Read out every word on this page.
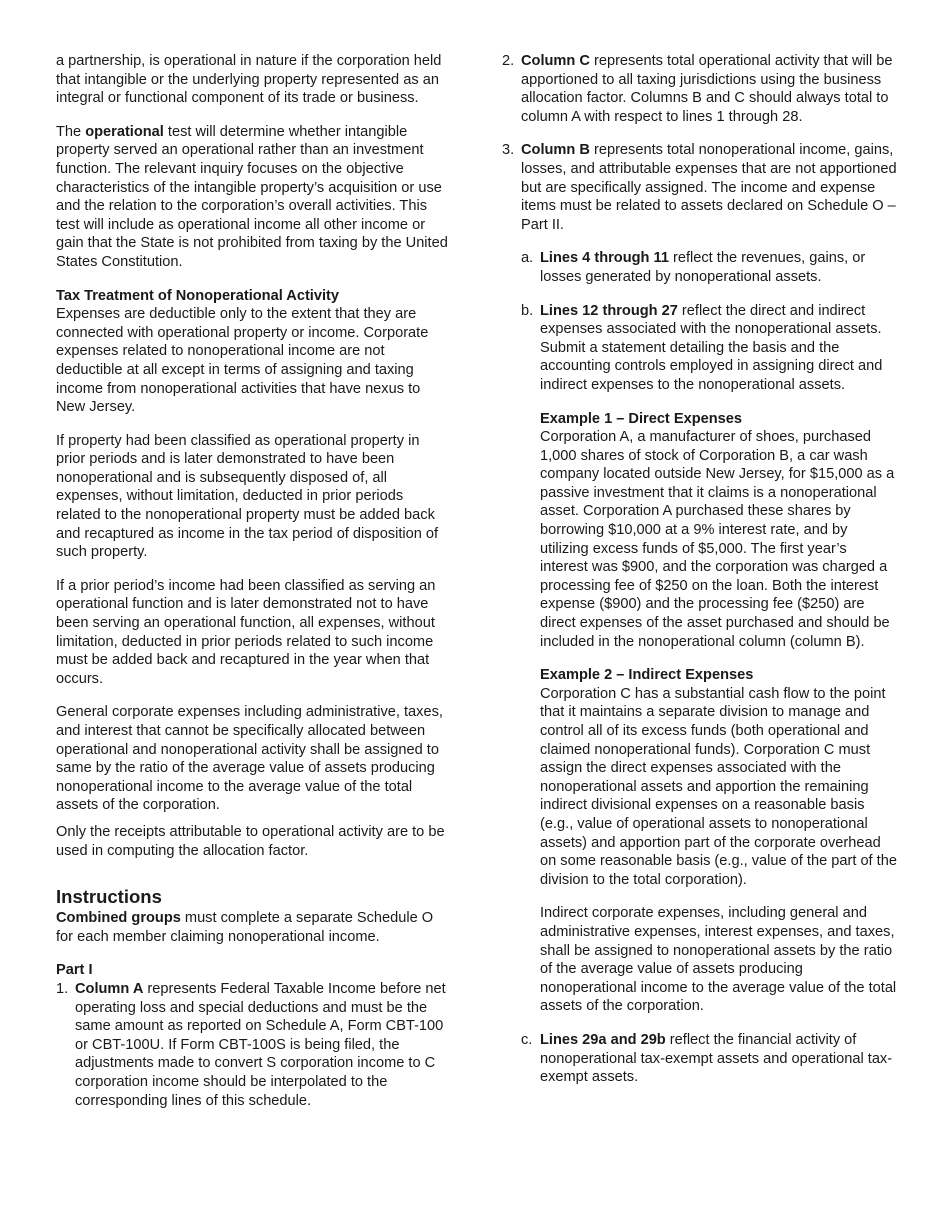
a partnership, is operational in nature if the corporation held that intangible or the underlying property represented as an integral or functional component of its trade or business.

The operational test will determine whether intangible property served an operational rather than an investment function. The relevant inquiry focuses on the objective characteristics of the intangible property’s acquisition or use and the relation to the corporation’s overall activities. This test will include as operational income all other income or gain that the State is not prohibited from taxing by the United States Constitution.

Tax Treatment of Nonoperational Activity
Expenses are deductible only to the extent that they are connected with operational property or income. Corporate expenses related to nonoperational income are not deductible at all except in terms of assigning and taxing income from nonoperational activities that have nexus to New Jersey.

If property had been classified as operational property in prior periods and is later demonstrated to have been nonoperational and is subsequently disposed of, all expenses, without limitation, deducted in prior periods related to the nonoperational property must be added back and recaptured as income in the tax period of disposition of such property.

If a prior period’s income had been classified as serving an operational function and is later demonstrated not to have been serving an operational function, all expenses, without limitation, deducted in prior periods related to such income must be added back and recaptured in the year when that occurs.

General corporate expenses including administrative, taxes, and interest that cannot be specifically allocated between operational and nonoperational activity shall be assigned to same by the ratio of the average value of assets producing nonoperational income to the average value of the total assets of the corporation.

Only the receipts attributable to operational activity are to be used in computing the allocation factor.

Instructions

Combined groups must complete a separate Schedule O for each member claiming nonoperational income.

Part I
1. Column A represents Federal Taxable Income before net operating loss and special deductions and must be the same amount as reported on Schedule A, Form CBT-100 or CBT-100U. If Form CBT-100S is being filed, the adjustments made to convert S corporation income to C corporation income should be interpolated to the corresponding lines of this schedule.
2. Column C represents total operational activity that will be apportioned to all taxing jurisdictions using the business allocation factor. Columns B and C should always total to column A with respect to lines 1 through 28.
3. Column B represents total nonoperational income, gains, losses, and attributable expenses that are not apportioned but are specifically assigned. The income and expense items must be related to assets declared on Schedule O – Part II.
a. Lines 4 through 11 reflect the revenues, gains, or losses generated by nonoperational assets.
b. Lines 12 through 27 reflect the direct and indirect expenses associated with the nonoperational assets. Submit a statement detailing the basis and the accounting controls employed in assigning direct and indirect expenses to the nonoperational assets.
Example 1 – Direct Expenses
Corporation A, a manufacturer of shoes, purchased 1,000 shares of stock of Corporation B, a car wash company located outside New Jersey, for $15,000 as a passive investment that it claims is a nonoperational asset. Corporation A purchased these shares by borrowing $10,000 at a 9% interest rate, and by utilizing excess funds of $5,000. The first year’s interest was $900, and the corporation was charged a processing fee of $250 on the loan. Both the interest expense ($900) and the processing fee ($250) are direct expenses of the asset purchased and should be included in the nonoperational column (column B).
Example 2 – Indirect Expenses
Corporation C has a substantial cash flow to the point that it maintains a separate division to manage and control all of its excess funds (both operational and claimed nonoperational funds). Corporation C must assign the direct expenses associated with the nonoperational assets and apportion the remaining indirect divisional expenses on a reasonable basis (e.g., value of operational assets to nonoperational assets) and apportion part of the corporate overhead on some reasonable basis (e.g., value of the part of the division to the total corporation).
Indirect corporate expenses, including general and administrative expenses, interest expenses, and taxes, shall be assigned to nonoperational assets by the ratio of the average value of assets producing nonoperational income to the average value of the total assets of the corporation.
c. Lines 29a and 29b reflect the financial activity of nonoperational tax-exempt assets and operational tax-exempt assets.
